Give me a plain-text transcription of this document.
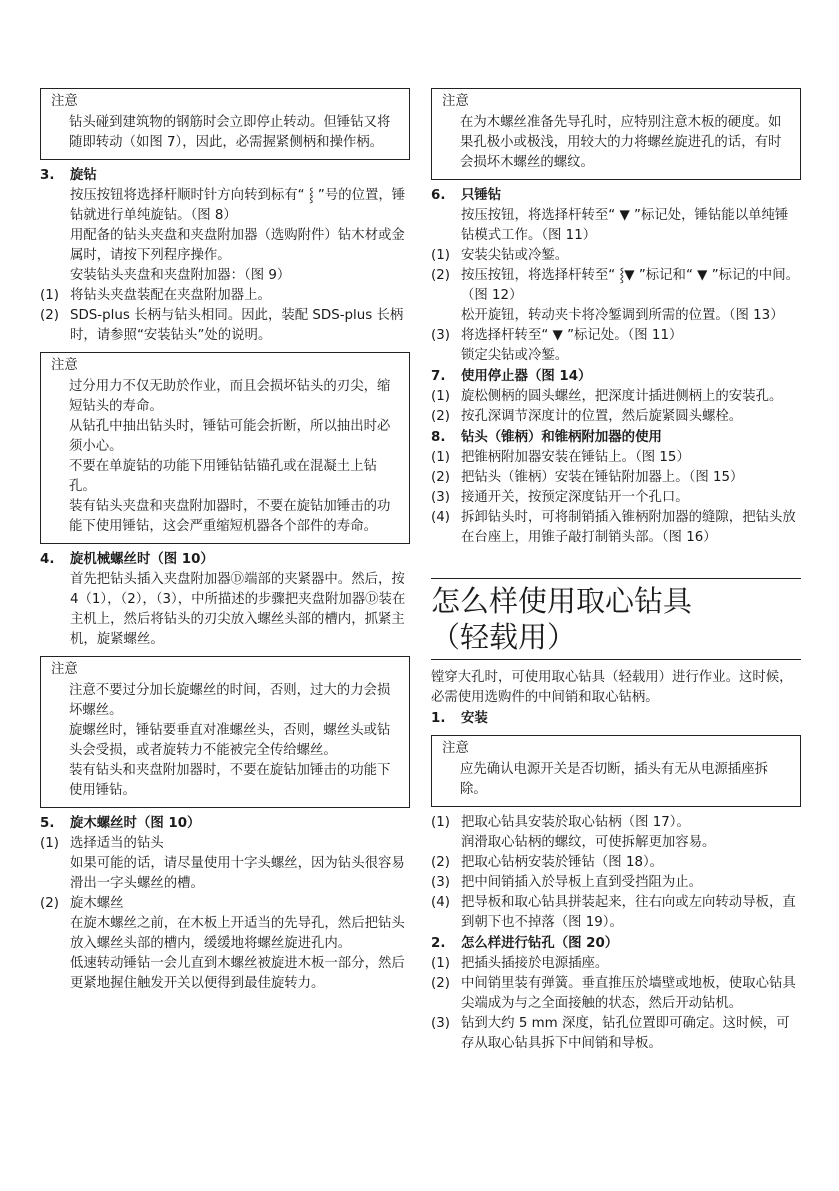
注意
钻头碰到建筑物的钢筋时会立即停止转动。但锤钻又将随即转动（如图 7），因此，必需握紧侧柄和操作柄。
3.	旋钻
按压按钮将选择杆顺时针方向转到标有“ ⸾ ”号的位置，锤钻就进行单纯旋钻。（图 8）
用配备的钻头夹盘和夹盘附加器（选购附件）钻木材或金属时，请按下列程序操作。
安装钻头夹盘和夹盘附加器：（图 9）
(1) 将钻头夹盘装配在夹盘附加器上。
(2) SDS-plus 长柄与钻头相同。因此，装配 SDS-plus 长柄时，请参照“安装钻头”处的说明。
注意
过分用力不仅无助於作业，而且会损坏钻头的刃尖，缩短钻头的寿命。
从钻孔中抽出钻头时，锤钻可能会折断，所以抽出时必须小心。
不要在单旋钻的功能下用锤钻钻锚孔或在混凝土上钻孔。
装有钻头夹盘和夹盘附加器时，不要在旋钻加锤击的功能下使用锤钻，这会严重缩短机器各个部件的寿命。
4.	旋机械螺丝时（图 10）
首先把钻头插入夹盘附加器Ⓓ端部的夹紧器中。然后，按 4（1），（2），（3），中所描述的步骤把夹盘附加器Ⓓ装在主机上，然后将钻头的刃尖放入螺丝头部的槽内，抓紧主机，旋紧螺丝。
注意
注意不要过分加长旋螺丝的时间，否则，过大的力会损坏螺丝。
旋螺丝时，锤钻要垂直对准螺丝头，否则，螺丝头或钻头会受损，或者旋转力不能被完全传给螺丝。
装有钻头和夹盘附加器时，不要在旋钻加锤击的功能下使用锤钻。
5.	旋木螺丝时（图 10）
(1) 选择适当的钻头
如果可能的话，请尽量使用十字头螺丝，因为钻头很容易滑出一字头螺丝的槽。
(2) 旋木螺丝
在旋木螺丝之前，在木板上开适当的先导孔，然后把钻头放入螺丝头部的槽内，缓缓地将螺丝旋进孔内。
低速转动锤钻一会儿直到木螺丝被旋进木板一部分，然后更紧地握住触发开关以便得到最佳旋转力。
注意
在为木螺丝准备先导孔时，应特别注意木板的硬度。如果孔极小或极浅，用较大的力将螺丝旋进孔的话，有时会损坏木螺丝的螺纹。
6.	只锤钻
按压按钮，将选择杆转至“ ▼ ”标记处，锤钻能以单纯锤钻模式工作。（图 11）
(1) 安装尖钻或冷錾。
(2) 按压按钮，将选择杆转至“ ⸾▼ ”标记和“ ▼ ”标记的中间。（图 12）
松开旋钮，转动夹卡将冷錾调到所需的位置。（图 13）
(3) 将选择杆转至“ ▼ ”标记处。（图 11）
锁定尖钻或冷錾。
7.	使用停止器（图 14）
(1) 旋松侧柄的圆头螺丝，把深度计插进侧柄上的安装孔。
(2) 按孔深调节深度计的位置，然后旋紧圆头螺栓。
8.	钻头（锥柄）和锥柄附加器的使用
(1) 把锥柄附加器安装在锤钻上。（图 15）
(2) 把钻头（锥柄）安装在锤钻附加器上。（图 15）
(3) 接通开关，按预定深度钻开一个孔口。
(4) 拆卸钻头时，可将制销插入锥柄附加器的缝隙，把钻头放在台座上，用锥子敲打制销头部。（图 16）
怎么样使用取心钻具
（轻载用）
镗穿大孔时，可使用取心钻具（轻载用）进行作业。这时候，必需使用选购件的中间销和取心钻柄。
1.	安装
注意
应先确认电源开关是否切断，插头有无从电源插座拆除。
(1) 把取心钻具安装於取心钻柄（图 17）。
润滑取心钻柄的螺纹，可使拆解更加容易。
(2) 把取心钻柄安装於锤钻（图 18）。
(3) 把中间销插入於导板上直到受挡阻为止。
(4) 把导板和取心钻具拼装起来，往右向或左向转动导板，直到朝下也不掉落（图 19）。
2.	怎么样进行钻孔（图 20）
(1) 把插头插接於电源插座。
(2) 中间销里装有弹簧。垂直推压於墙壁或地板，使取心钻具尖端成为与之全面接触的状态，然后开动钻机。
(3) 钻到大约 5 mm 深度，钻孔位置即可确定。这时候，可存从取心钻具拆下中间销和导板。
